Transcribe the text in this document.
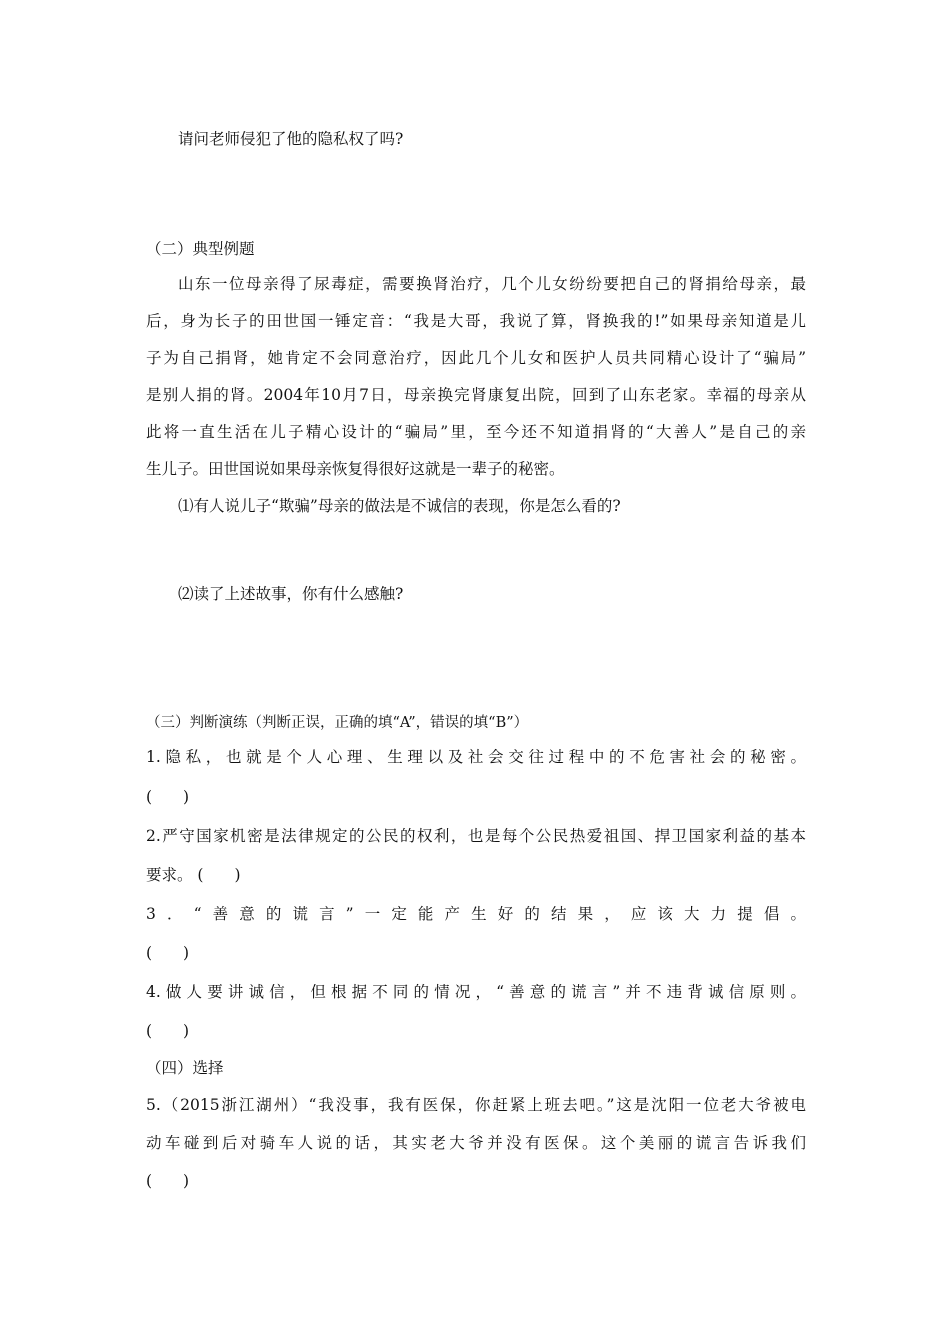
请问老师侵犯了他的隐私权了吗?
（二）典型例题
山东一位母亲得了尿毒症，需要换肾治疗，几个儿女纷纷要把自己的肾捐给母亲，最
后，身为长子的田世国一锤定音：“我是大哥，我说了算，肾换我的!”如果母亲知道是儿
子为自己捐肾，她肯定不会同意治疗，因此几个儿女和医护人员共同精心设计了“骗局”
是别人捐的肾。2004年10月7日，母亲换完肾康复出院，回到了山东老家。幸福的母亲从
此将一直生活在儿子精心设计的“骗局”里，至今还不知道捐肾的“大善人”是自己的亲
生儿子。田世国说如果母亲恢复得很好这就是一辈子的秘密。
⑴有人说儿子“欺骗”母亲的做法是不诚信的表现，你是怎么看的?
⑵读了上述故事，你有什么感触?
（三）判断演练（判断正误，正确的填“A”，错误的填“B”）
1.隐私，也就是个人心理、生理以及社会交往过程中的不危害社会的秘密。
(　　)
2.严守国家机密是法律规定的公民的权利，也是每个公民热爱祖国、捍卫国家利益的基本
要求。 (　　)
3．“善意的谎言”一定能产生好的结果，应该大力提倡。
(　　)
4.做人要讲诚信，但根据不同的情况，“善意的谎言”并不违背诚信原则。
(　　)
（四）选择
5.（2015浙江湖州）“我没事，我有医保，你赶紧上班去吧。”这是沈阳一位老大爷被电
动车碰到后对骑车人说的话，其实老大爷并没有医保。这个美丽的谎言告诉我们
(　　)
